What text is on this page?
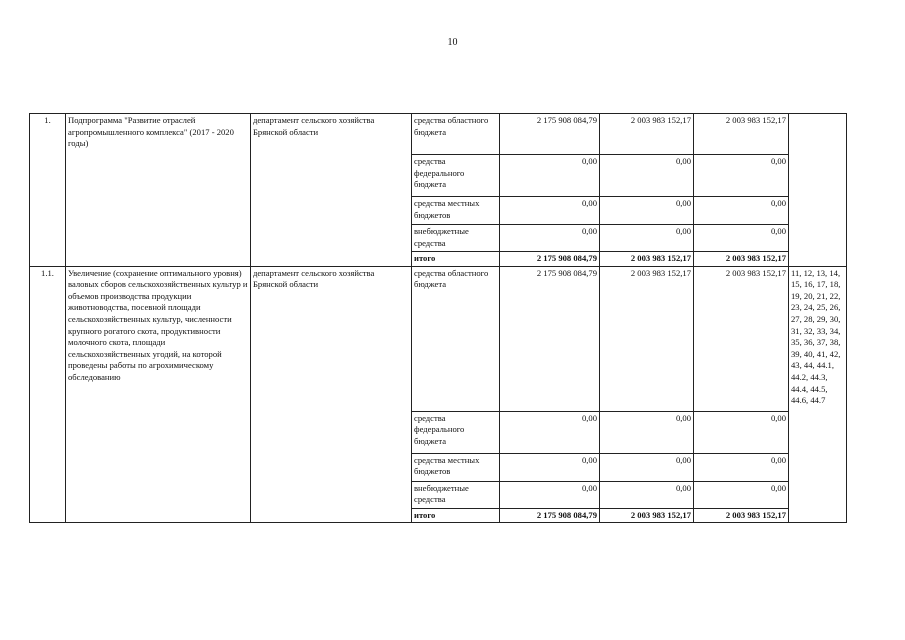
10
1.	Подпрограмма "Развитие отраслей агропромышленного комплекса" (2017 - 2020 годы)	департамент сельского хозяйства Брянской области	средства областного бюджета	2 175 908 084,79	2 003 983 152,17	2 003 983 152,17	
			средства федерального бюджета	0,00	0,00	0,00	
			средства местных бюджетов	0,00	0,00	0,00	
			внебюджетные средства	0,00	0,00	0,00	
			итого	2 175 908 084,79	2 003 983 152,17	2 003 983 152,17	
1.1.	Увеличение (сохранение оптимального уровня) валовых сборов сельскохозяйственных культур и объемов производства продукции животноводства, посевной площади сельскохозяйственных культур, численности крупного рогатого скота, продуктивности молочного скота, площади сельскохозяйственных угодий, на которой проведены работы по агрохимическому обследованию	департамент сельского хозяйства Брянской области	средства областного бюджета	2 175 908 084,79	2 003 983 152,17	2 003 983 152,17	11, 12, 13, 14, 15, 16, 17, 18, 19, 20, 21, 22, 23, 24, 25, 26, 27, 28, 29, 30, 31, 32, 33, 34, 35, 36, 37, 38, 39, 40, 41, 42, 43, 44, 44.1, 44.2, 44.3, 44.4, 44.5, 44.6, 44.7
			средства федерального бюджета	0,00	0,00	0,00	
			средства местных бюджетов	0,00	0,00	0,00	
			внебюджетные средства	0,00	0,00	0,00	
			итого	2 175 908 084,79	2 003 983 152,17	2 003 983 152,17	
